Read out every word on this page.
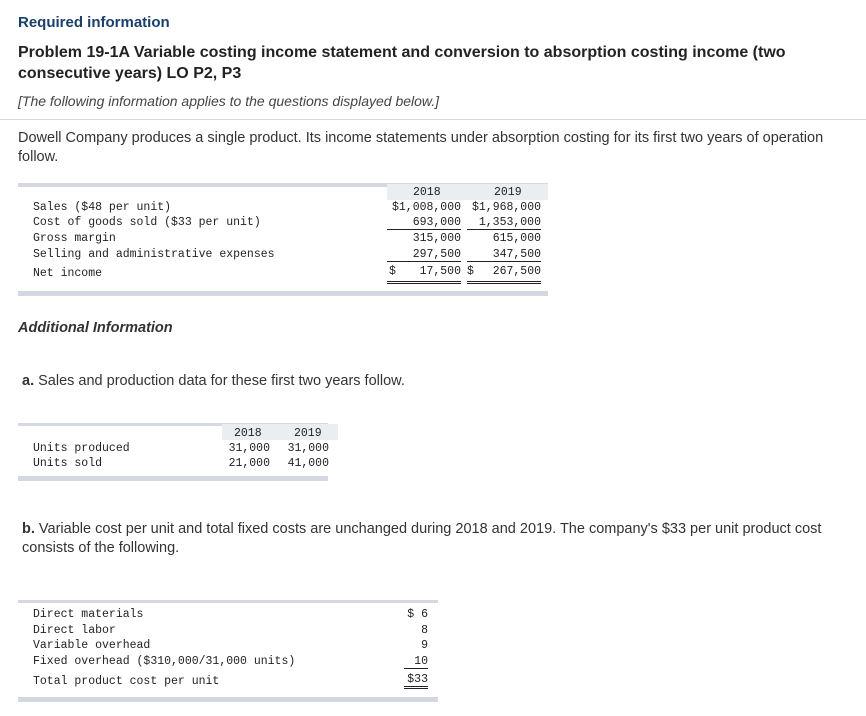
Required information
Problem 19-1A Variable costing income statement and conversion to absorption costing income (two consecutive years) LO P2, P3
[The following information applies to the questions displayed below.]
Dowell Company produces a single product. Its income statements under absorption costing for its first two years of operation follow.
2018	2019
Sales ($48 per unit)	$1,008,000 $1,968,000
Cost of goods sold ($33 per unit)	693,000	1,353,000
Gross margin	315,000	615,000
Selling and administrative expenses	297,500	347,500
Net income	$ 17,500 $ 267,500
Additional Information
a. Sales and production data for these first two years follow.
2018	2019
Units produced	31,000	31,000
Units sold	21,000	41,000
b. Variable cost per unit and total fixed costs are unchanged during 2018 and 2019. The company's $33 per unit product cost consists of the following.
Direct materials	$ 6
Direct labor	8
Variable overhead	9
Fixed overhead ($310,000/31,000 units)	10
Total product cost per unit	$33
